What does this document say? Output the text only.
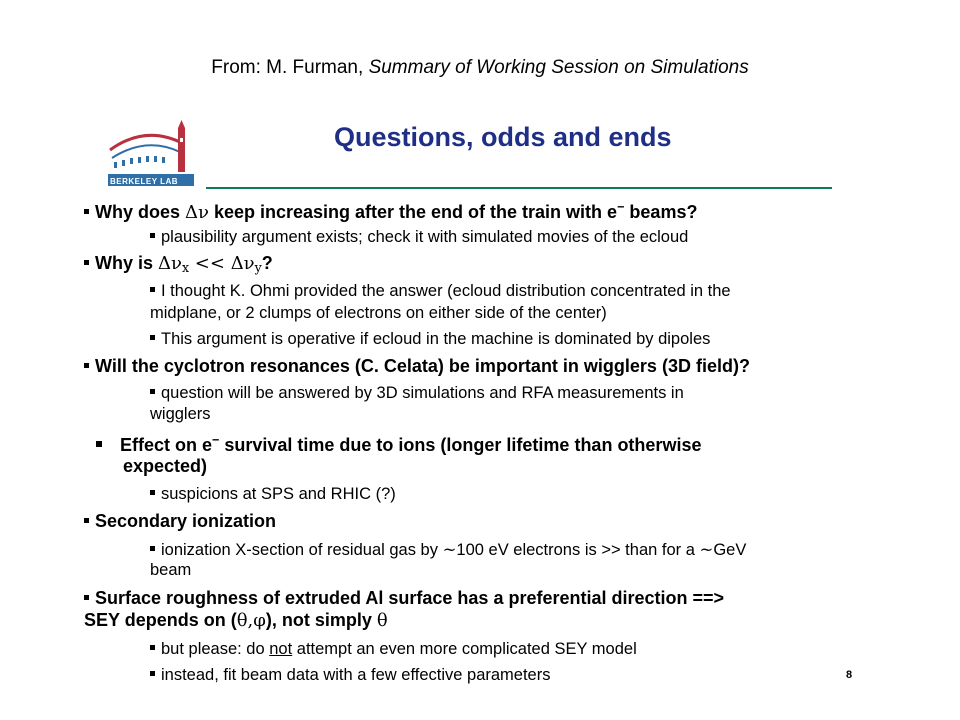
From: M. Furman, Summary of Working Session on Simulations
BERKELEY LAB
Questions, odds and ends
Why does Δν keep increasing after the end of the train with e− beams?
plausibility argument exists; check it with simulated movies of the ecloud
Why is $\Delta\nu_x << \Delta\nu_y$?
I thought K. Ohmi provided the answer (ecloud distribution concentrated in the
midplane, or 2 clumps of electrons on either side of the center)
This argument is operative if ecloud in the machine is dominated by dipoles
Will the cyclotron resonances (C. Celata) be important in wigglers (3D field)?
question will be answered by 3D simulations and RFA measurements in
wigglers
Effect on e− survival time due to ions (longer lifetime than otherwise
expected)
suspicions at SPS and RHIC (?)
Secondary ionization
ionization X-section of residual gas by ~100 eV electrons is >> than for a ~GeV
beam
Surface roughness of extruded Al surface has a preferential direction ==>
SEY depends on (θ,φ), not simply θ
but please: do not attempt an even more complicated SEY model
instead, fit beam data with a few effective parameters	8
